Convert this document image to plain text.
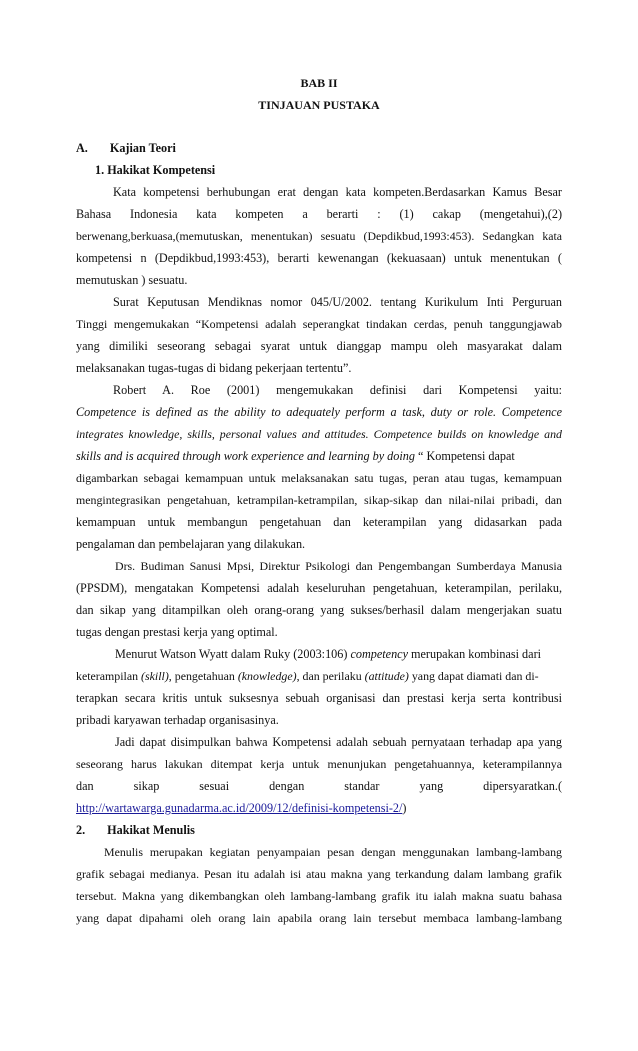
BAB II
TINJAUAN PUSTAKA
A. Kajian Teori
1. Hakikat Kompetensi
Kata kompetensi berhubungan erat dengan kata kompeten.Berdasarkan Kamus Besar
Bahasa Indonesia kata kompeten a berarti : (1) cakap (mengetahui),(2)
berwenang,berkuasa,(memutuskan, menentukan) sesuatu (Depdikbud,1993:453). Sedangkan kata
kompetensi n (Depdikbud,1993:453), berarti kewenangan (kekuasaan) untuk menentukan (
memutuskan ) sesuatu.
Surat Keputusan Mendiknas nomor 045/U/2002. tentang Kurikulum Inti Perguruan
Tinggi mengemukakan “Kompetensi adalah seperangkat tindakan cerdas, penuh tanggungjawab
yang dimiliki seseorang sebagai syarat untuk dianggap mampu oleh masyarakat dalam
melaksanakan tugas-tugas di bidang pekerjaan tertentu”.
Robert A. Roe (2001) mengemukakan definisi dari Kompetensi yaitu:
Competence is defined as the ability to adequately perform a task, duty or role. Competence
integrates knowledge, skills, personal values and attitudes. Competence builds on knowledge and
skills and is acquired through work experience and learning by doing “ Kompetensi dapat
digambarkan sebagai kemampuan untuk melaksanakan satu tugas, peran atau tugas, kemampuan
mengintegrasikan pengetahuan, ketrampilan-ketrampilan, sikap-sikap dan nilai-nilai pribadi, dan
kemampuan untuk membangun pengetahuan dan keterampilan yang didasarkan pada
pengalaman dan pembelajaran yang dilakukan.
Drs. Budiman Sanusi Mpsi, Direktur Psikologi dan Pengembangan Sumberdaya Manusia
(PPSDM), mengatakan Kompetensi adalah keseluruhan pengetahuan, keterampilan, perilaku,
dan sikap yang ditampilkan oleh orang-orang yang sukses/berhasil dalam mengerjakan suatu
tugas dengan prestasi kerja yang optimal.
Menurut Watson Wyatt dalam Ruky (2003:106) competency merupakan kombinasi dari
keterampilan (skill), pengetahuan (knowledge), dan perilaku (attitude) yang dapat diamati dan di-
terapkan secara kritis untuk suksesnya sebuah organisasi dan prestasi kerja serta kontribusi
pribadi karyawan terhadap organisasinya.
Jadi dapat disimpulkan bahwa Kompetensi adalah sebuah pernyataan terhadap apa yang
seseorang harus lakukan ditempat kerja untuk menunjukan pengetahuannya, keterampilannya
dan sikap sesuai dengan standar yang dipersyaratkan.(
http://wartawarga.gunadarma.ac.id/2009/12/definisi-kompetensi-2/)
2. Hakikat Menulis
Menulis merupakan kegiatan penyampaian pesan dengan menggunakan lambang-lambang
grafik sebagai medianya. Pesan itu adalah isi atau makna yang terkandung dalam lambang grafik
tersebut. Makna yang dikembangkan oleh lambang-lambang grafik itu ialah makna suatu bahasa
yang dapat dipahami oleh orang lain apabila orang lain tersebut membaca lambang-lambang
